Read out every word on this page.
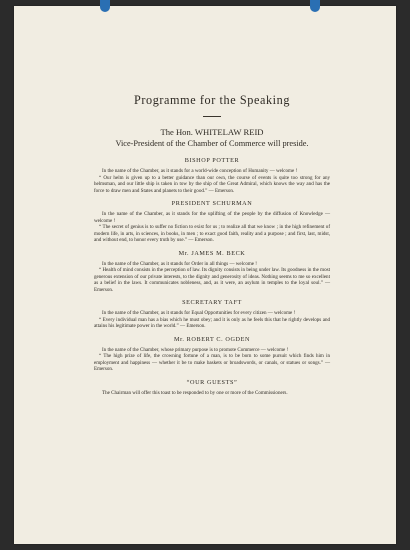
Programme for the Speaking

The Hon. WHITELAW REID

Vice-President of the Chamber of Commerce will preside.

BISHOP POTTER

In the name of the Chamber, as it stands for a world-wide conception of Humanity — welcome !

“ Our helm is given up to a better guidance than our own, the course of events is quite too strong for any helmsman, and our little ship is taken in tow by the ship of the Great Admiral, which knows the way and has the force to draw men and States and planets to their good.” — Emerson.

PRESIDENT SCHURMAN

In the name of the Chamber, as it stands for the uplifting of the people by the diffusion of Knowledge — welcome !

“ The secret of genius is to suffer no fiction to exist for us ; to realize all that we know ; in the high refinement of modern life, in arts, in sciences, in books, in men ; to exact good faith, reality and a purpose ; and first, last, midst, and without end, to honor every truth by use.” — Emerson.

Mr. JAMES M. BECK

In the name of the Chamber, as it stands for Order in all things — welcome !

“ Health of mind consists in the perception of law. Its dignity consists in being under law. Its goodness in the most generous extension of our private interests, to the dignity and generosity of ideas. Nothing seems to me so excellent as a belief in the laws. It communicates nobleness, and, as it were, an asylum in temples to the loyal soul.” — Emerson.

SECRETARY TAFT

In the name of the Chamber, as it stands for Equal Opportunities for every citizen — welcome !

“ Every individual man has a bias which he must obey; and it is only as he feels this that he rightly develops and attains his legitimate power in the world.” — Emerson.

Mr. ROBERT C. OGDEN

In the name of the Chamber, whose primary purpose is to promote Commerce — welcome !

“ The high prize of life, the crowning fortune of a man, is to be born to some pursuit which finds him in employment and happiness — whether it be to make baskets or broadswords, or canals, or statues or songs.” — Emerson.

“OUR GUESTS”

The Chairman will offer this toast to be responded to by one or more of the Commissioners.
